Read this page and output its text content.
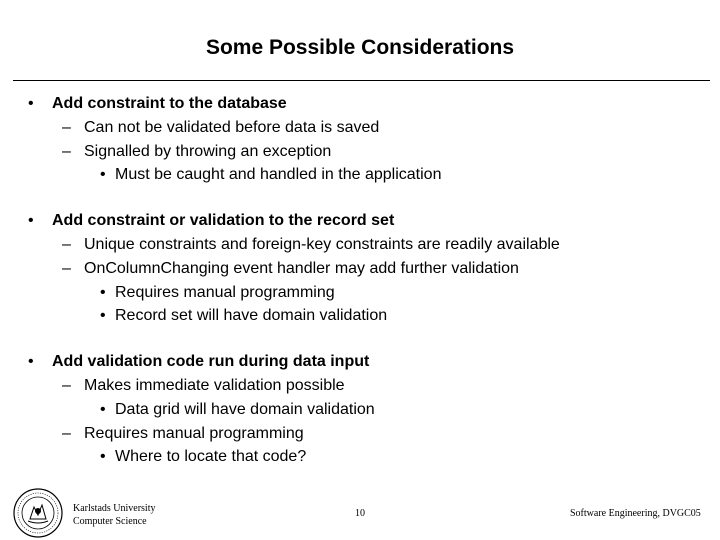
Some Possible Considerations
• Add constraint to the database
– Can not be validated before data is saved
– Signalled by throwing an exception
• Must be caught and handled in the application
• Add constraint or validation to the record set
– Unique constraints and foreign-key constraints are readily available
– OnColumnChanging event handler may add further validation
• Requires manual programming
• Record set will have domain validation
• Add validation code run during data input
– Makes immediate validation possible
• Data grid will have domain validation
– Requires manual programming
• Where to locate that code?
Karlstads University
Computer Science
10	Software Engineering, DVGC05
